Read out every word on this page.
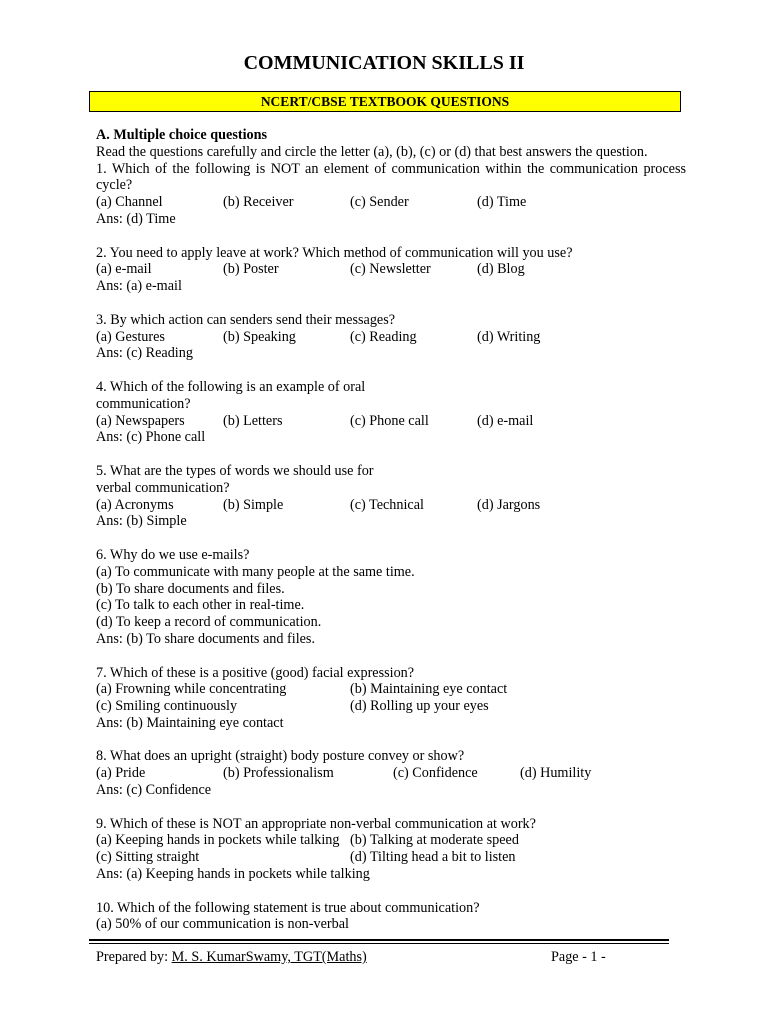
COMMUNICATION SKILLS II
NCERT/CBSE TEXTBOOK QUESTIONS
A. Multiple choice questions
Read the questions carefully and circle the letter (a), (b), (c) or (d) that best answers the question.
1. Which of the following is NOT an element of communication within the communication process cycle?
(a) Channel	(b) Receiver	(c) Sender	(d) Time
Ans: (d) Time
2. You need to apply leave at work? Which method of communication will you use?
(a) e-mail	(b) Poster	(c) Newsletter	(d) Blog
Ans: (a) e-mail
3. By which action can senders send their messages?
(a) Gestures	(b) Speaking	(c) Reading	(d) Writing
Ans: (c) Reading
4. Which of the following is an example of oral
communication?
(a) Newspapers	(b) Letters	(c) Phone call	(d) e-mail
Ans: (c) Phone call
5. What are the types of words we should use for
verbal communication?
(a) Acronyms	(b) Simple	(c) Technical	(d) Jargons
Ans: (b) Simple
6. Why do we use e-mails?
(a) To communicate with many people at the same time.
(b) To share documents and files.
(c) To talk to each other in real-time.
(d) To keep a record of communication.
Ans: (b) To share documents and files.
7. Which of these is a positive (good) facial expression?
(a) Frowning while concentrating	(b) Maintaining eye contact
(c) Smiling continuously	(d) Rolling up your eyes
Ans: (b) Maintaining eye contact
8. What does an upright (straight) body posture convey or show?
(a) Pride	(b) Professionalism	(c) Confidence	(d) Humility
Ans: (c) Confidence
9. Which of these is NOT an appropriate non-verbal communication at work?
(a) Keeping hands in pockets while talking (b) Talking at moderate speed
(c) Sitting straight	(d) Tilting head a bit to listen
Ans: (a) Keeping hands in pockets while talking
10. Which of the following statement is true about communication?
(a) 50% of our communication is non-verbal
Prepared by: M. S. KumarSwamy, TGT(Maths)	Page - 1 -
